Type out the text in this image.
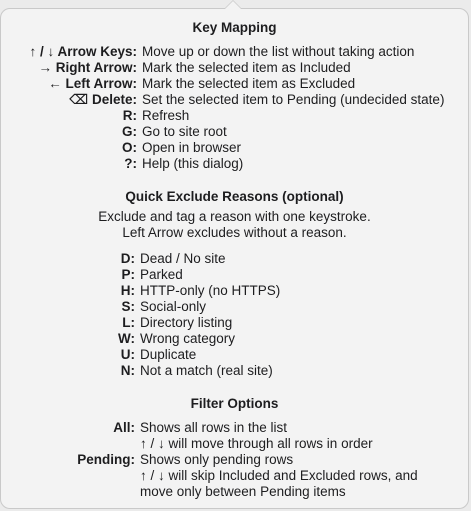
Key Mapping
↑ / ↓ Arrow Keys: Move up or down the list without taking action
→ Right Arrow: Mark the selected item as Included
← Left Arrow: Mark the selected item as Excluded
⌫ Delete: Set the selected item to Pending (undecided state)
R: Refresh
G: Go to site root
O: Open in browser
?: Help (this dialog)
Quick Exclude Reasons (optional)
Exclude and tag a reason with one keystroke.
Left Arrow excludes without a reason.
D: Dead / No site
P: Parked
H: HTTP-only (no HTTPS)
S: Social-only
L: Directory listing
W: Wrong category
U: Duplicate
N: Not a match (real site)
Filter Options
All: Shows all rows in the list
↑ / ↓ will move through all rows in order
Pending: Shows only pending rows
↑ / ↓ will skip Included and Excluded rows, and
move only between Pending items
